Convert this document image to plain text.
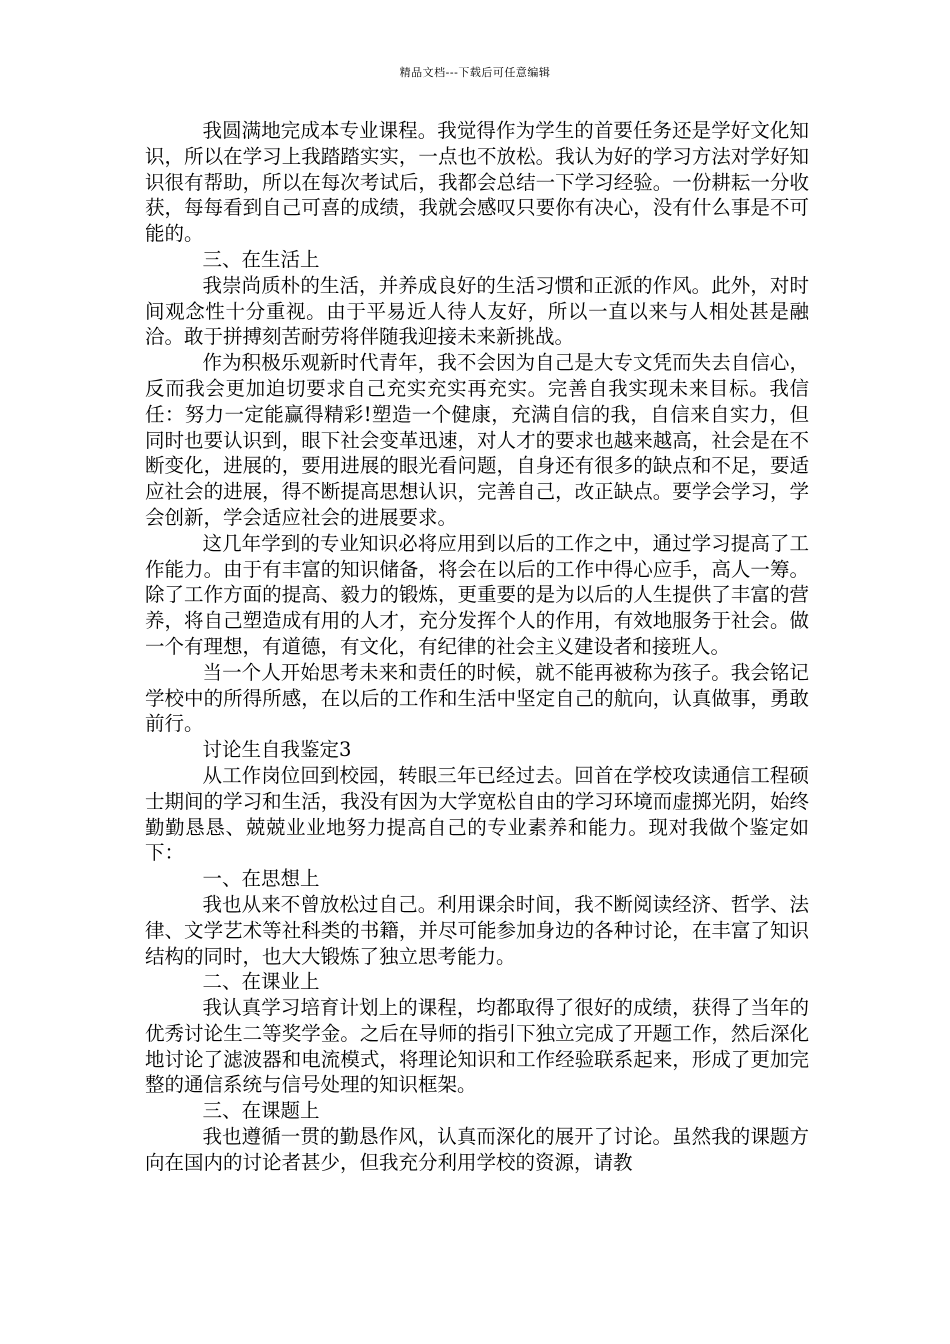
精品文档---下载后可任意编辑

我圆满地完成本专业课程。我觉得作为学生的首要任务还是学好文化知识，所以在学习上我踏踏实实，一点也不放松。我认为好的学习方法对学好知识很有帮助，所以在每次考试后，我都会总结一下学习经验。一份耕耘一分收获，每每看到自己可喜的成绩，我就会感叹只要你有决心，没有什么事是不可能的。

三、在生活上

我崇尚质朴的生活，并养成良好的生活习惯和正派的作风。此外，对时间观念性十分重视。由于平易近人待人友好，所以一直以来与人相处甚是融洽。敢于拼搏刻苦耐劳将伴随我迎接未来新挑战。

作为积极乐观新时代青年，我不会因为自己是大专文凭而失去自信心，反而我会更加迫切要求自己充实充实再充实。完善自我实现未来目标。我信任：努力一定能赢得精彩!塑造一个健康，充满自信的我，自信来自实力，但同时也要认识到，眼下社会变革迅速，对人才的要求也越来越高，社会是在不断变化，进展的，要用进展的眼光看问题，自身还有很多的缺点和不足，要适应社会的进展，得不断提高思想认识，完善自己，改正缺点。要学会学习，学会创新，学会适应社会的进展要求。

这几年学到的专业知识必将应用到以后的工作之中，通过学习提高了工作能力。由于有丰富的知识储备，将会在以后的工作中得心应手，高人一筹。除了工作方面的提高、毅力的锻炼，更重要的是为以后的人生提供了丰富的营养，将自己塑造成有用的人才，充分发挥个人的作用，有效地服务于社会。做一个有理想，有道德，有文化，有纪律的社会主义建设者和接班人。

当一个人开始思考未来和责任的时候，就不能再被称为孩子。我会铭记学校中的所得所感，在以后的工作和生活中坚定自己的航向，认真做事，勇敢前行。

讨论生自我鉴定3

从工作岗位回到校园，转眼三年已经过去。回首在学校攻读通信工程硕士期间的学习和生活，我没有因为大学宽松自由的学习环境而虚掷光阴，始终勤勤恳恳、兢兢业业地努力提高自己的专业素养和能力。现对我做个鉴定如下：

一、在思想上

我也从来不曾放松过自己。利用课余时间，我不断阅读经济、哲学、法律、文学艺术等社科类的书籍，并尽可能参加身边的各种讨论，在丰富了知识结构的同时，也大大锻炼了独立思考能力。

二、在课业上

我认真学习培育计划上的课程，均都取得了很好的成绩，获得了当年的优秀讨论生二等奖学金。之后在导师的指引下独立完成了开题工作，然后深化地讨论了滤波器和电流模式，将理论知识和工作经验联系起来，形成了更加完整的通信系统与信号处理的知识框架。

三、在课题上

我也遵循一贯的勤恳作风，认真而深化的展开了讨论。虽然我的课题方向在国内的讨论者甚少，但我充分利用学校的资源，请教
